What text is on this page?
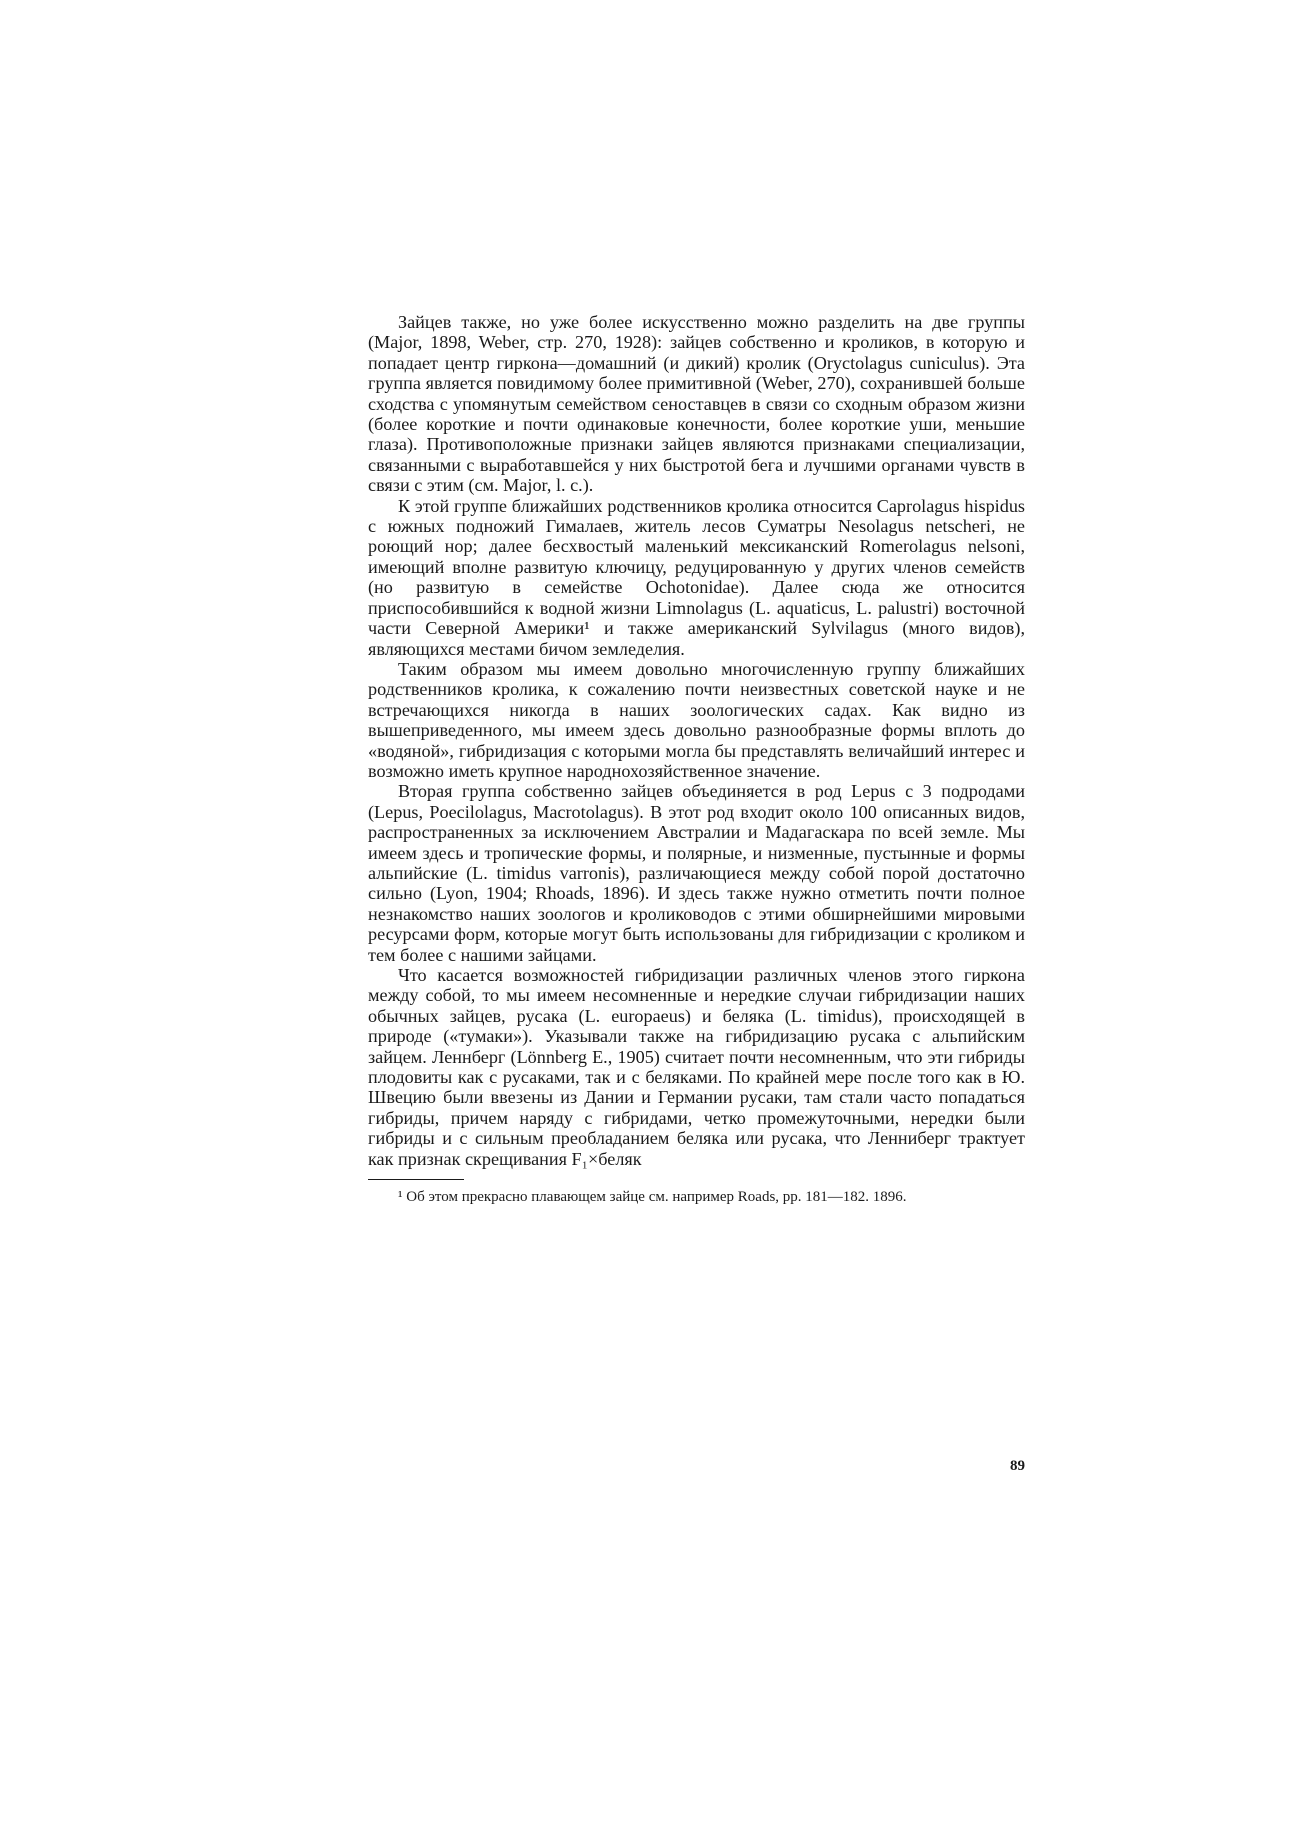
Зайцев также, но уже более искусственно можно разделить на две группы (Major, 1898, Weber, стр. 270, 1928): зайцев собственно и кроликов, в которую и попадает центр гиркона—домашний (и дикий) кролик (Oryctolagus cuniculus). Эта группа является повидимому более примитивной (Weber, 270), сохранившей больше сходства с упомянутым семейством сеноставцев в связи со сходным образом жизни (более короткие и почти одинаковые конечности, более короткие уши, меньшие глаза). Противоположные признаки зайцев являются признаками специализации, связанными с выработавшейся у них быстротой бега и лучшими органами чувств в связи с этим (см. Major, l. c.).

К этой группе ближайших родственников кролика относится Caprolagus hispidus с южных подножий Гималаев, житель лесов Суматры Nesolagus netscheri, не роющий нор; далее бесхвостый маленький мексиканский Romerolagus nelsoni, имеющий вполне развитую ключицу, редуцированную у других членов семейств (но развитую в семействе Ochotonidae). Далее сюда же относится приспособившийся к водной жизни Limnolagus (L. aquaticus, L. palustri) восточной части Северной Америки¹ и также американский Sylvilagus (много видов), являющихся местами бичом земледелия.

Таким образом мы имеем довольно многочисленную группу ближайших родственников кролика, к сожалению почти неизвестных советской науке и не встречающихся никогда в наших зоологических садах. Как видно из вышеприведенного, мы имеем здесь довольно разнообразные формы вплоть до «водяной», гибридизация с которыми могла бы представлять величайший интерес и возможно иметь крупное народнохозяйственное значение.

Вторая группа собственно зайцев объединяется в род Lepus с 3 подродами (Lepus, Poecilolagus, Macrotolagus). В этот род входит около 100 описанных видов, распространенных за исключением Австралии и Мадагаскара по всей земле. Мы имеем здесь и тропические формы, и полярные, и низменные, пустынные и формы альпийские (L. timidus varronis), различающиеся между собой порой достаточно сильно (Lyon, 1904; Rhoads, 1896). И здесь также нужно отметить почти полное незнакомство наших зоологов и кролиководов с этими обширнейшими мировыми ресурсами форм, которые могут быть использованы для гибридизации с кроликом и тем более с нашими зайцами.

Что касается возможностей гибридизации различных членов этого гиркона между собой, то мы имеем несомненные и нередкие случаи гибридизации наших обычных зайцев, русака (L. europaeus) и беляка (L. timidus), происходящей в природе («тумаки»). Указывали также на гибридизацию русака с альпийским зайцем. Леннберг (Lönnberg E., 1905) считает почти несомненным, что эти гибриды плодовиты как с русаками, так и с беляками. По крайней мере после того как в Ю. Швецию были ввезены из Дании и Германии русаки, там стали часто попадаться гибриды, причем наряду с гибридами, четко промежуточными, нередки были гибриды и с сильным преобладанием беляка или русака, что Ленниберг трактует как признак скрещивания F₁×беляк

¹ Об этом прекрасно плавающем зайце см. например Roads, pp. 181—182. 1896.

89
